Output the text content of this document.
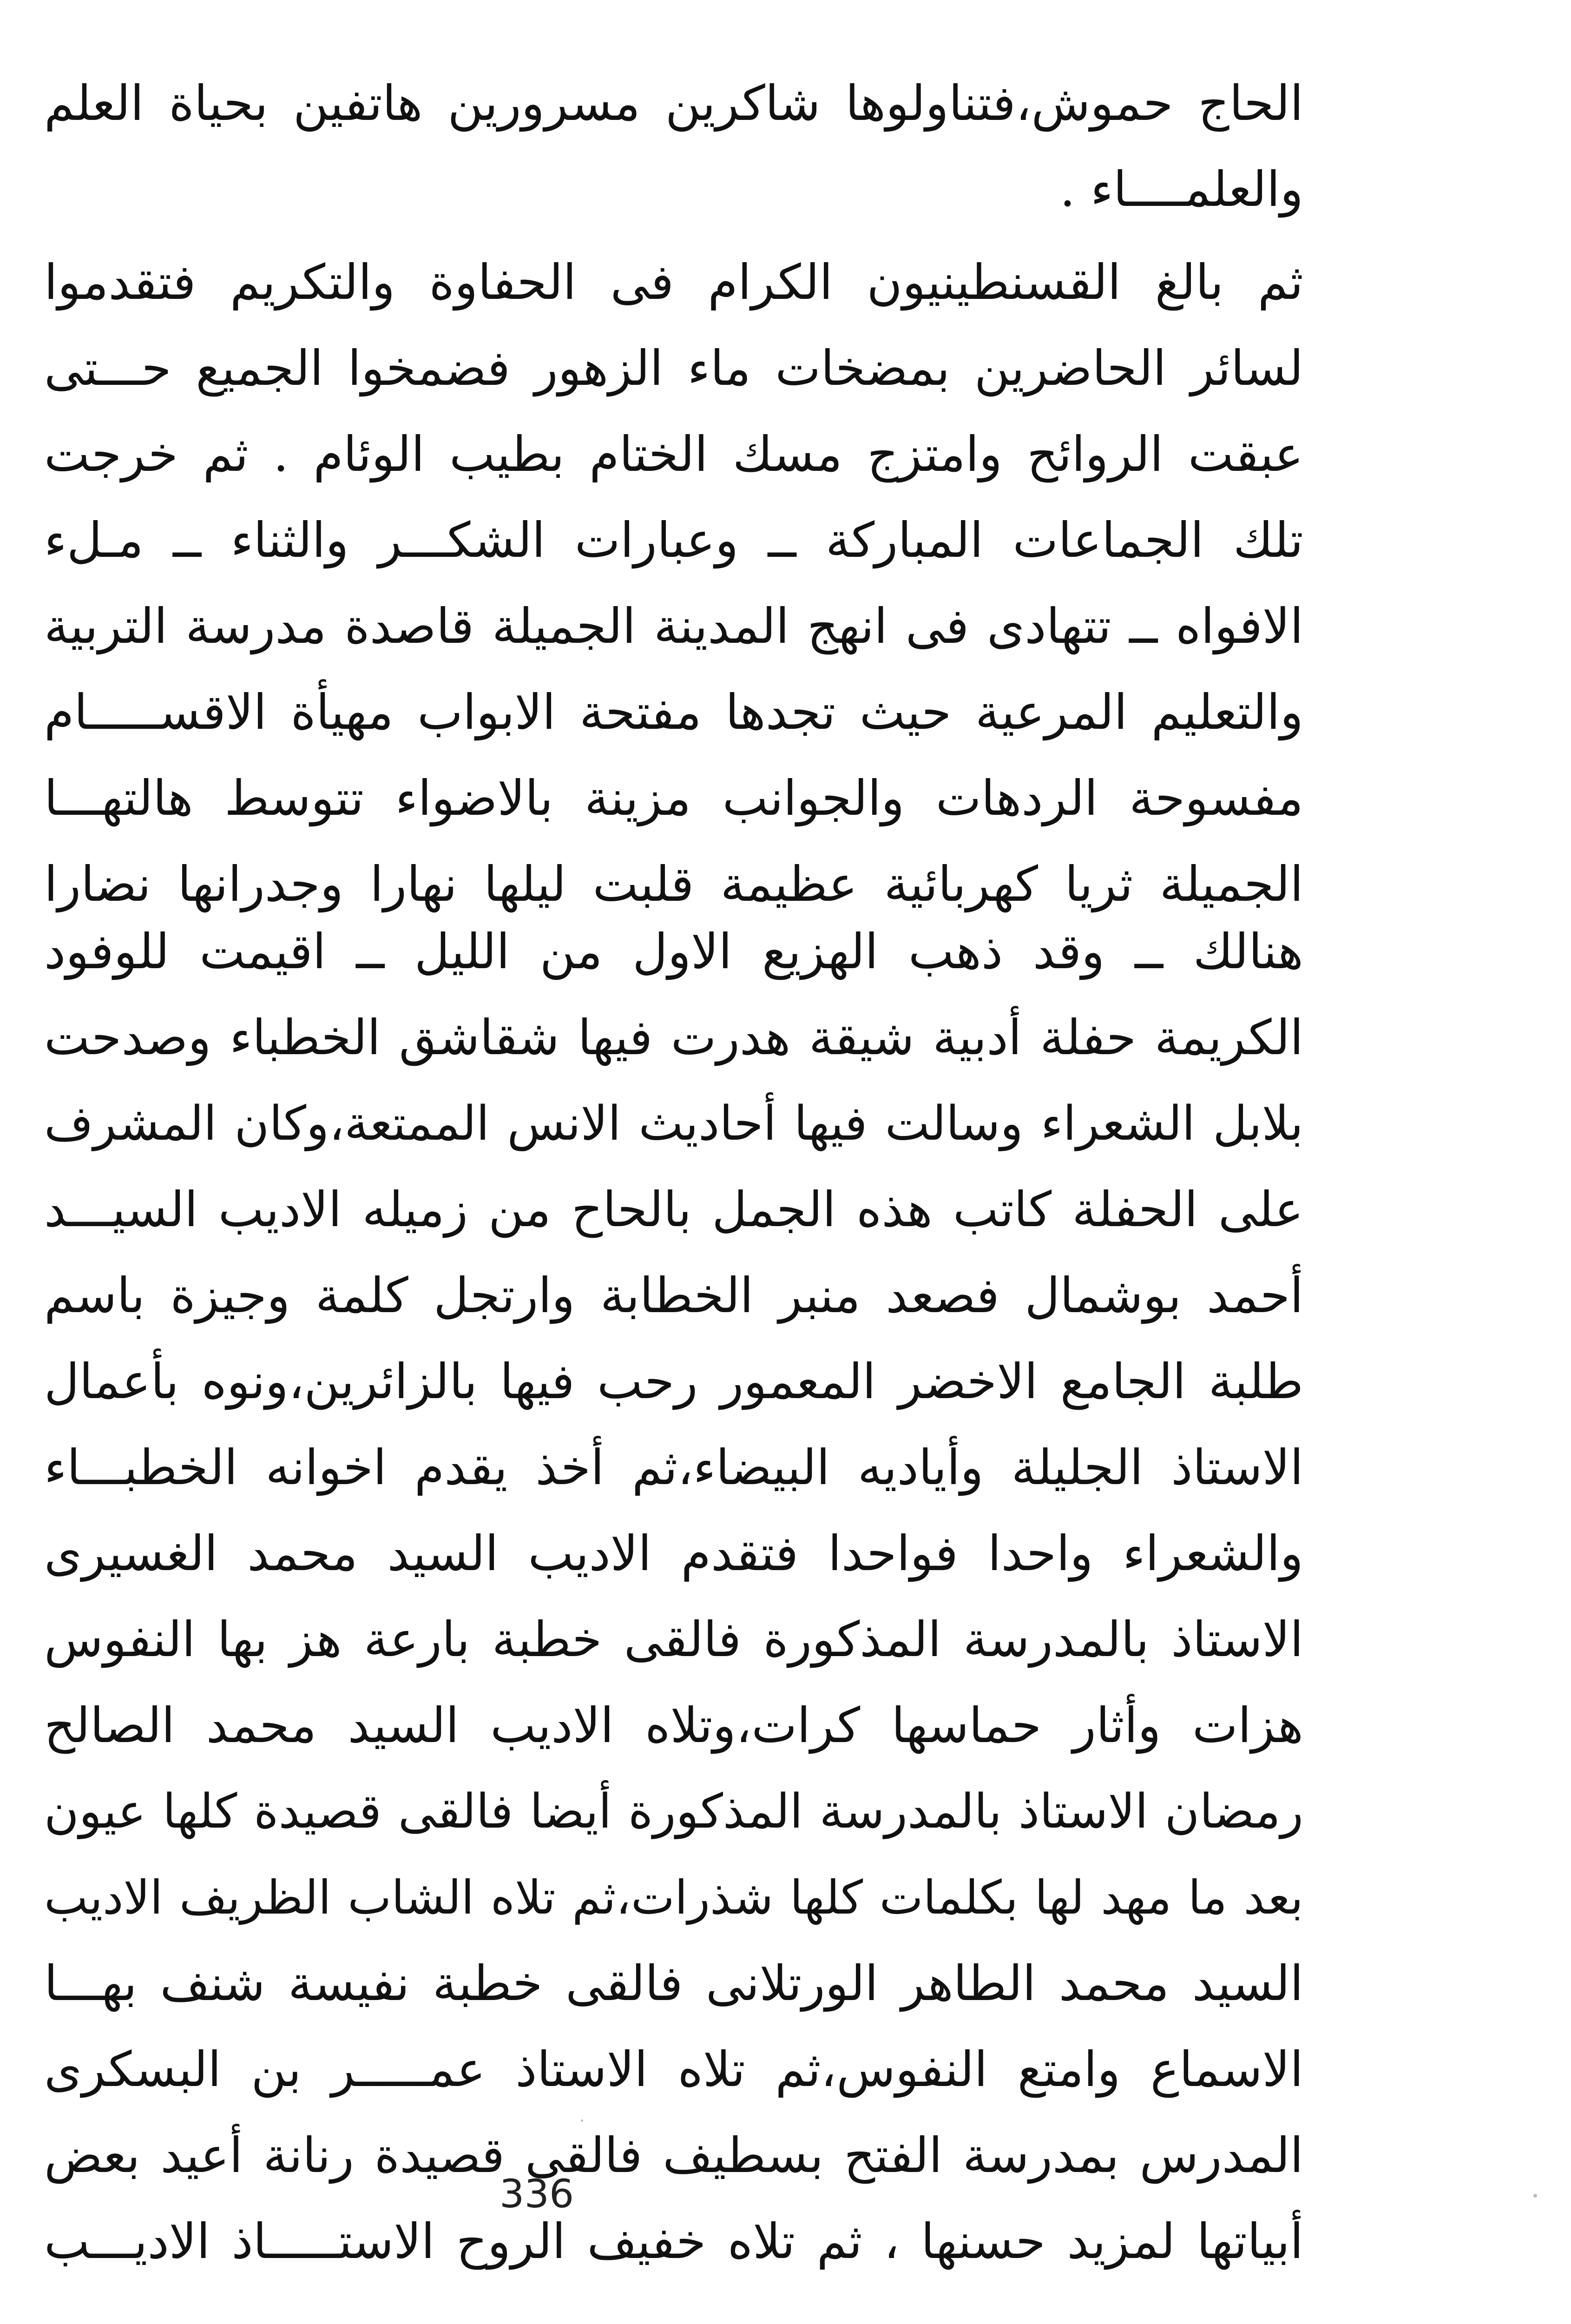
الحاج حموش،فتناولوها شاكرين مسرورين هاتفين بحياة العلم
والعلمــــاء .
ثم بالغ القسنطينيون الكرام فى الحفاوة والتكريم فتقدموا
لسائر الحاضرين بمضخات ماء الزهور فضمخوا الجميع حـــتى
عبقت الروائح وامتزج مسك الختام بطيب الوئام . ثم خرجت
تلك الجماعات المباركة ــ وعبارات الشكـــر والثناء ــ مـلء
الافواه ــ تتهادى فى انهج المدينة الجميلة قاصدة مدرسة التربية
والتعليم المرعية حيث تجدها مفتحة الابواب مهيأة الاقســـــام
مفسوحة الردهات والجوانب مزينة بالاضواء تتوسط هالتهـــا
الجميلة ثريا كهربائية عظيمة قلبت ليلها نهارا وجدرانها نضارا
هنالك ــ وقد ذهب الهزيع الاول من الليل ــ اقيمت للوفود
الكريمة حفلة أدبية شيقة هدرت فيها شقاشق الخطباء وصدحت
بلابل الشعراء وسالت فيها أحاديث الانس الممتعة،وكان المشرف
على الحفلة كاتب هذه الجمل بالحاح من زميله الاديب السيـــد
أحمد بوشمال فصعد منبر الخطابة وارتجل كلمة وجيزة باسم
طلبة الجامع الاخضر المعمور رحب فيها بالزائرين،ونوه بأعمال
الاستاذ الجليلة وأياديه البيضاء،ثم أخذ يقدم اخوانه الخطبـــاء
والشعراء واحدا فواحدا فتقدم الاديب السيد محمد الغسيرى
الاستاذ بالمدرسة المذكورة فالقى خطبة بارعة هز بها النفوس
هزات وأثار حماسها كرات،وتلاه الاديب السيد محمد الصالح
رمضان الاستاذ بالمدرسة المذكورة أيضا فالقى قصيدة كلها عيون
بعد ما مهد لها بكلمات كلها شذرات،ثم تلاه الشاب الظريف الاديب
السيد محمد الطاهر الورتلانى فالقى خطبة نفيسة شنف بهـــا
الاسماع وامتع النفوس،ثم تلاه الاستاذ عمـــــر بن البسكرى
المدرس بمدرسة الفتح بسطيف فالقى قصيدة رنانة أعيد بعض
أبياتها لمزيد حسنها ، ثم تلاه خفيف الروح الاستـــــاذ الاديـــب
336
